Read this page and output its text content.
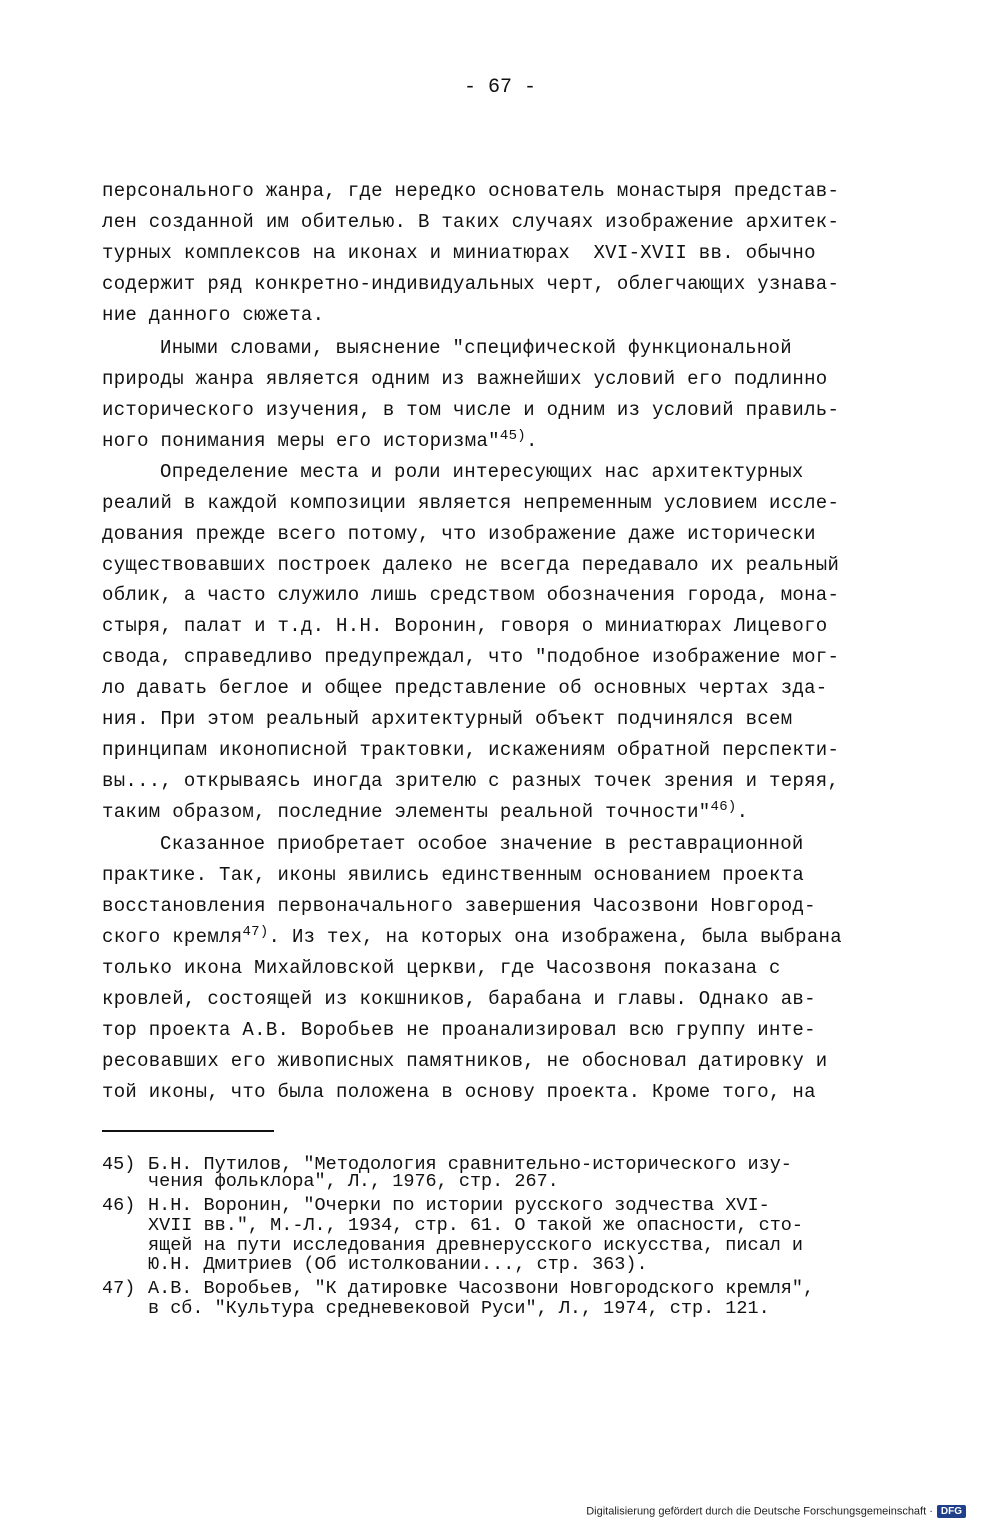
- 67 -
персонального жанра, где нередко основатель монастыря представ-
лен созданной им обителью. В таких случаях изображение архитек-
турных комплексов на иконах и миниатюрах  XVI-XVII вв. обычно
содержит ряд конкретно-индивидуальных черт, облегчающих узнава-
ние данного сюжета.
Иными словами, выяснение "специфической функциональной
природы жанра является одним из важнейших условий его подлинно
исторического изучения, в том числе и одним из условий правиль-
ного понимания меры его историзма"$^{45)}$.
Определение места и роли интересующих нас архитектурных
реалий в каждой композиции является непременным условием иссле-
дования прежде всего потому, что изображение даже исторически
существовавших построек далеко не всегда передавало их реальный
облик, а часто служило лишь средством обозначения города, мона-
стыря, палат и т.д. Н.Н. Воронин, говоря о миниатюрах Лицевого
свода, справедливо предупреждал, что "подобное изображение мог-
ло давать беглое и общее представление об основных чертах зда-
ния. При этом реальный архитектурный объект подчинялся всем
принципам иконописной трактовки, искажениям обратной перспекти-
вы..., открываясь иногда зрителю с разных точек зрения и теряя,
таким образом, последние элементы реальной точности"$^{46)}$.
Сказанное приобретает особое значение в реставрационной
практике. Так, иконы явились единственным основанием проекта
восстановления первоначального завершения Часозвони Новгород-
ского кремля$^{47)}$. Из тех, на которых она изображена, была выбрана
только икона Михайловской церкви, где Часозвоня показана с
кровлей, состоящей из кокшников, барабана и главы. Однако ав-
тор проекта А.В. Воробьев не проанализировал всю группу инте-
ресовавших его живописных памятников, не обосновал датировку и
той иконы, что была положена в основу проекта. Кроме того, на
45) Б.Н. Путилов, "Методология сравнительно-исторического изу-
чения фольклора", Л., 1976, стр. 267.
46) Н.Н. Воронин, "Очерки по истории русского зодчества XVI-
XVII вв.", М.-Л., 1934, стр. 61. О такой же опасности, сто-
ящей на пути исследования древнерусского искусства, писал и
Ю.Н. Дмитриев (Об истолковании..., стр. 363).
47) А.В. Воробьев, "К датировке Часозвони Новгородского кремля",
в сб. "Культура средневековой Руси", Л., 1974, стр. 121.
Digitalisierung gefördert durch die Deutsche Forschungsgemeinschaft · DFG
